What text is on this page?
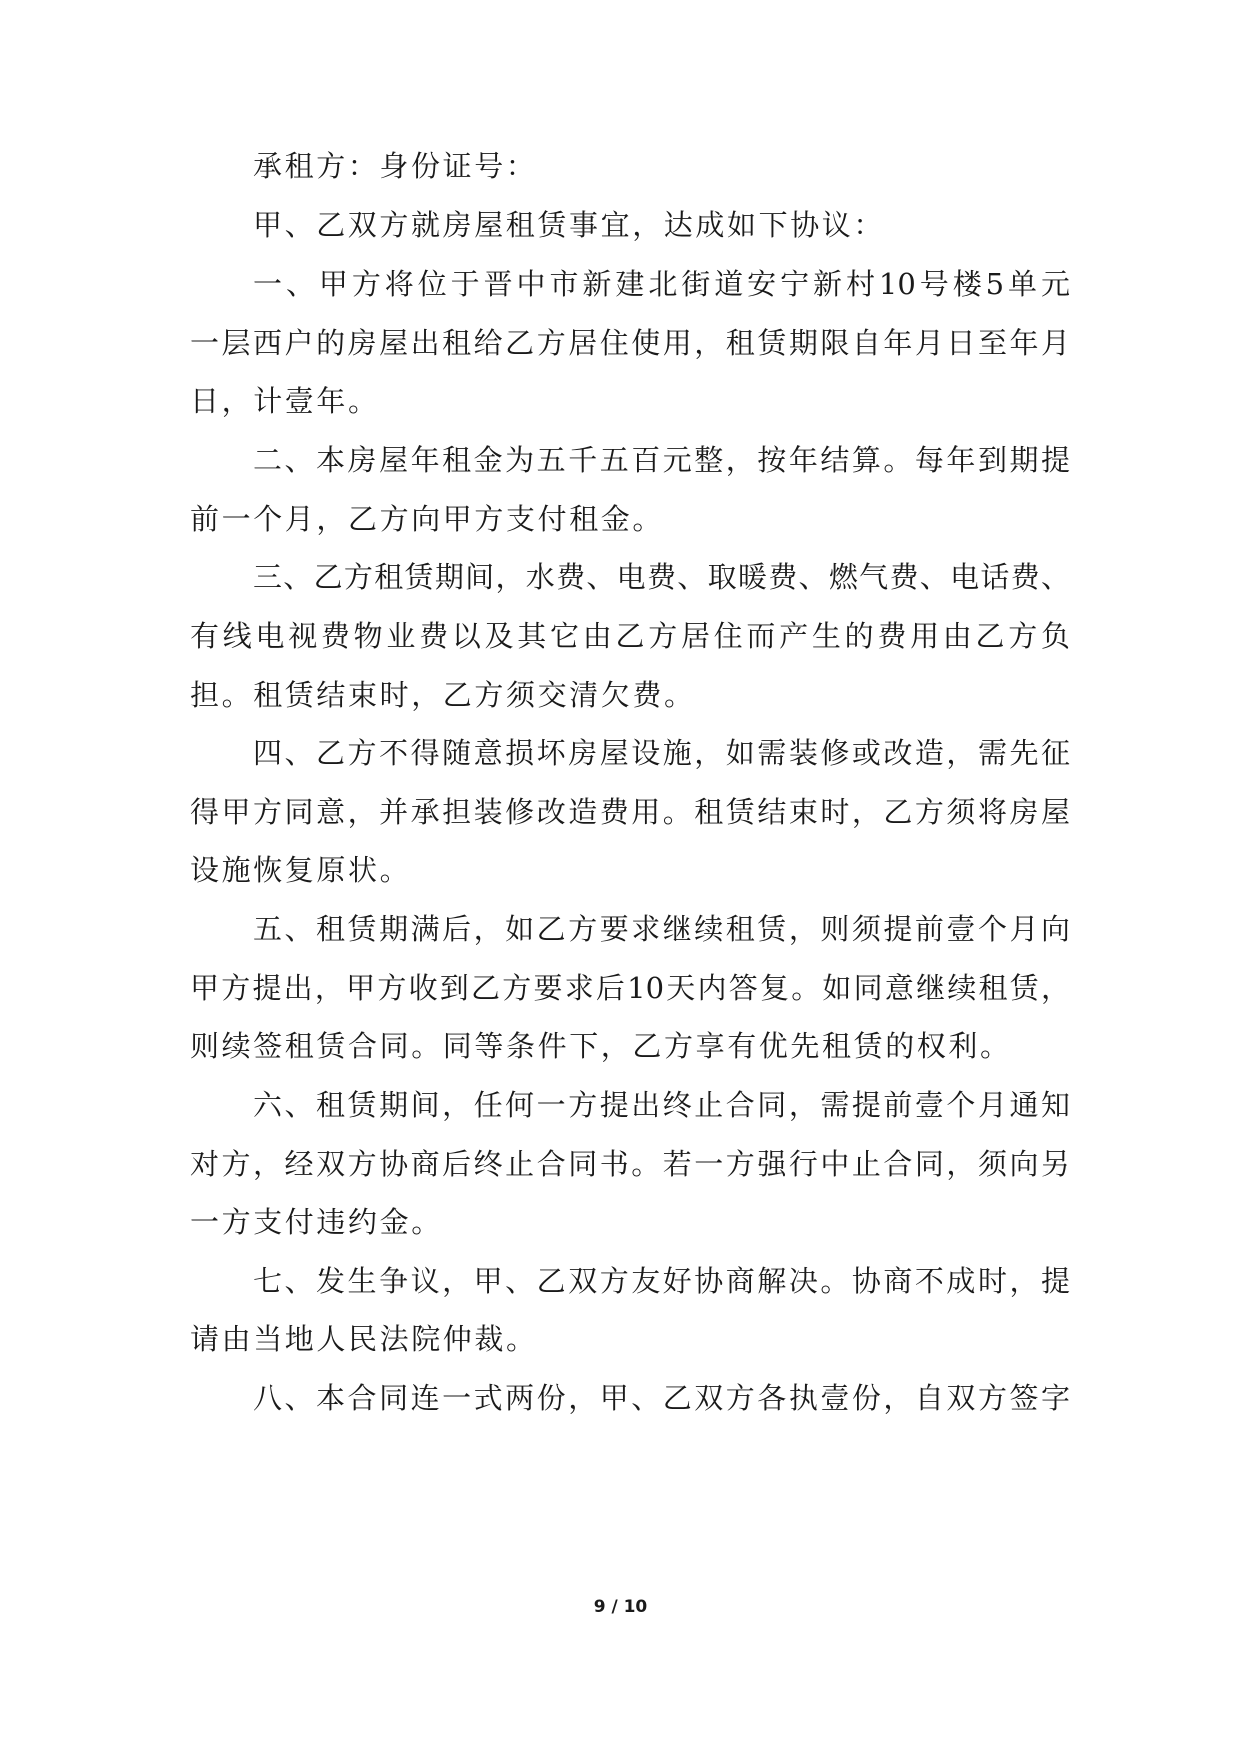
承租方：身份证号：
甲、乙双方就房屋租赁事宜，达成如下协议：
一、甲方将位于晋中市新建北街道安宁新村10号楼5单元
一层西户的房屋出租给乙方居住使用，租赁期限自年月日至年月
日，计壹年。
二、本房屋年租金为五千五百元整，按年结算。每年到期提
前一个月，乙方向甲方支付租金。
三、乙方租赁期间，水费、电费、取暖费、燃气费、电话费、
有线电视费物业费以及其它由乙方居住而产生的费用由乙方负
担。租赁结束时，乙方须交清欠费。
四、乙方不得随意损坏房屋设施，如需装修或改造，需先征
得甲方同意，并承担装修改造费用。租赁结束时，乙方须将房屋
设施恢复原状。
五、租赁期满后，如乙方要求继续租赁，则须提前壹个月向
甲方提出，甲方收到乙方要求后10天内答复。如同意继续租赁，
则续签租赁合同。同等条件下，乙方享有优先租赁的权利。
六、租赁期间，任何一方提出终止合同，需提前壹个月通知
对方，经双方协商后终止合同书。若一方强行中止合同，须向另
一方支付违约金。
七、发生争议，甲、乙双方友好协商解决。协商不成时，提
请由当地人民法院仲裁。
八、本合同连一式两份，甲、乙双方各执壹份，自双方签字
9 / 10
